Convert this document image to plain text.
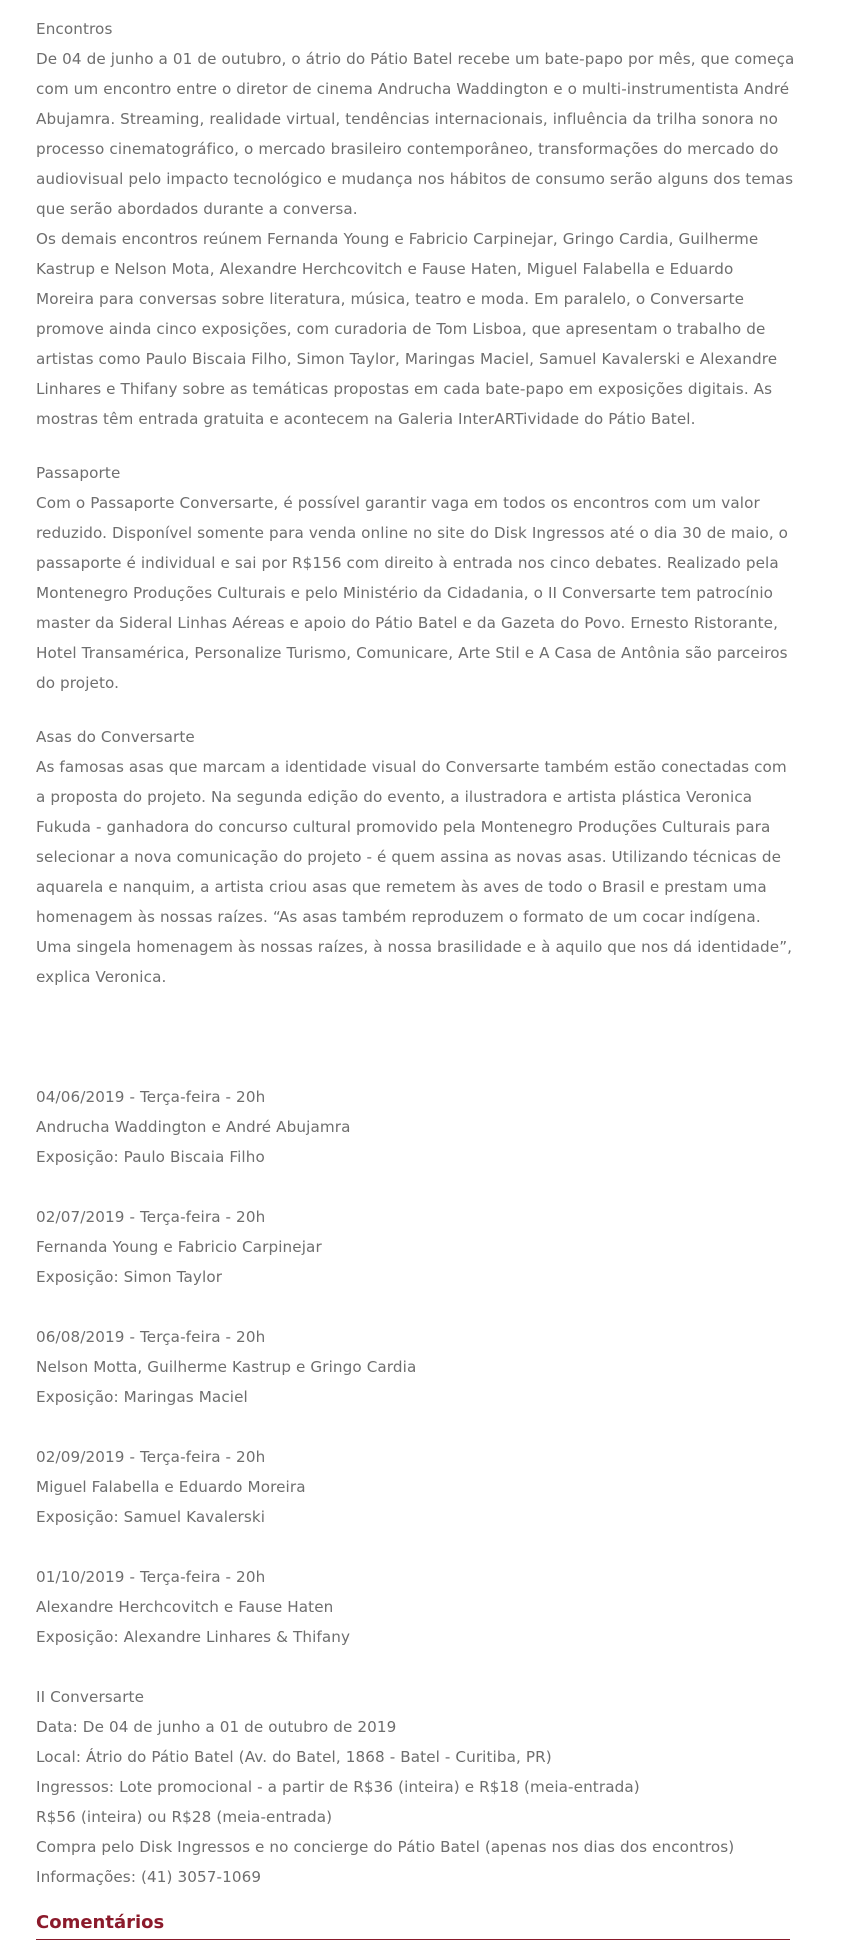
Encontros

De 04 de junho a 01 de outubro, o átrio do Pátio Batel recebe um bate-papo por mês, que começa com um encontro entre o diretor de cinema Andrucha Waddington e o multi-instrumentista André Abujamra. Streaming, realidade virtual, tendências internacionais, influência da trilha sonora no processo cinematográfico, o mercado brasileiro contemporâneo, transformações do mercado do audiovisual pelo impacto tecnológico e mudança nos hábitos de consumo serão alguns dos temas que serão abordados durante a conversa.

Os demais encontros reúnem Fernanda Young e Fabricio Carpinejar, Gringo Cardia, Guilherme Kastrup e Nelson Mota, Alexandre Herchcovitch e Fause Haten, Miguel Falabella e Eduardo Moreira para conversas sobre literatura, música, teatro e moda. Em paralelo, o Conversarte promove ainda cinco exposições, com curadoria de Tom Lisboa, que apresentam o trabalho de artistas como Paulo Biscaia Filho, Simon Taylor, Maringas Maciel, Samuel Kavalerski e Alexandre Linhares e Thifany sobre as temáticas propostas em cada bate-papo em exposições digitais. As mostras têm entrada gratuita e acontecem na Galeria InterARTividade do Pátio Batel.

Passaporte

Com o Passaporte Conversarte, é possível garantir vaga em todos os encontros com um valor reduzido. Disponível somente para venda online no site do Disk Ingressos até o dia 30 de maio, o passaporte é individual e sai por R$156 com direito à entrada nos cinco debates. Realizado pela Montenegro Produções Culturais e pelo Ministério da Cidadania, o II Conversarte tem patrocínio master da Sideral Linhas Aéreas e apoio do Pátio Batel e da Gazeta do Povo. Ernesto Ristorante, Hotel Transamérica, Personalize Turismo, Comunicare, Arte Stil e A Casa de Antônia são parceiros do projeto.

Asas do Conversarte

As famosas asas que marcam a identidade visual do Conversarte também estão conectadas com a proposta do projeto. Na segunda edição do evento, a ilustradora e artista plástica Veronica Fukuda - ganhadora do concurso cultural promovido pela Montenegro Produções Culturais para selecionar a nova comunicação do projeto - é quem assina as novas asas. Utilizando técnicas de aquarela e nanquim, a artista criou asas que remetem às aves de todo o Brasil e prestam uma homenagem às nossas raízes. “As asas também reproduzem o formato de um cocar indígena. Uma singela homenagem às nossas raízes, à nossa brasilidade e à aquilo que nos dá identidade”, explica Veronica.

04/06/2019 - Terça-feira - 20h

Andrucha Waddington e André Abujamra

Exposição: Paulo Biscaia Filho

02/07/2019 - Terça-feira - 20h

Fernanda Young e Fabricio Carpinejar

Exposição: Simon Taylor

06/08/2019 - Terça-feira - 20h

Nelson Motta, Guilherme Kastrup e Gringo Cardia

Exposição: Maringas Maciel

02/09/2019 - Terça-feira - 20h

Miguel Falabella e Eduardo Moreira

Exposição: Samuel Kavalerski

01/10/2019 - Terça-feira - 20h

Alexandre Herchcovitch e Fause Haten

Exposição: Alexandre Linhares & Thifany

II Conversarte

Data: De 04 de junho a 01 de outubro de 2019

Local: Átrio do Pátio Batel (Av. do Batel, 1868 - Batel - Curitiba, PR)

Ingressos: Lote promocional - a partir de R$36 (inteira) e R$18 (meia-entrada)

R$56 (inteira) ou R$28 (meia-entrada)

Compra pelo Disk Ingressos e no concierge do Pátio Batel (apenas nos dias dos encontros)

Informações: (41) 3057-1069

Comentários
